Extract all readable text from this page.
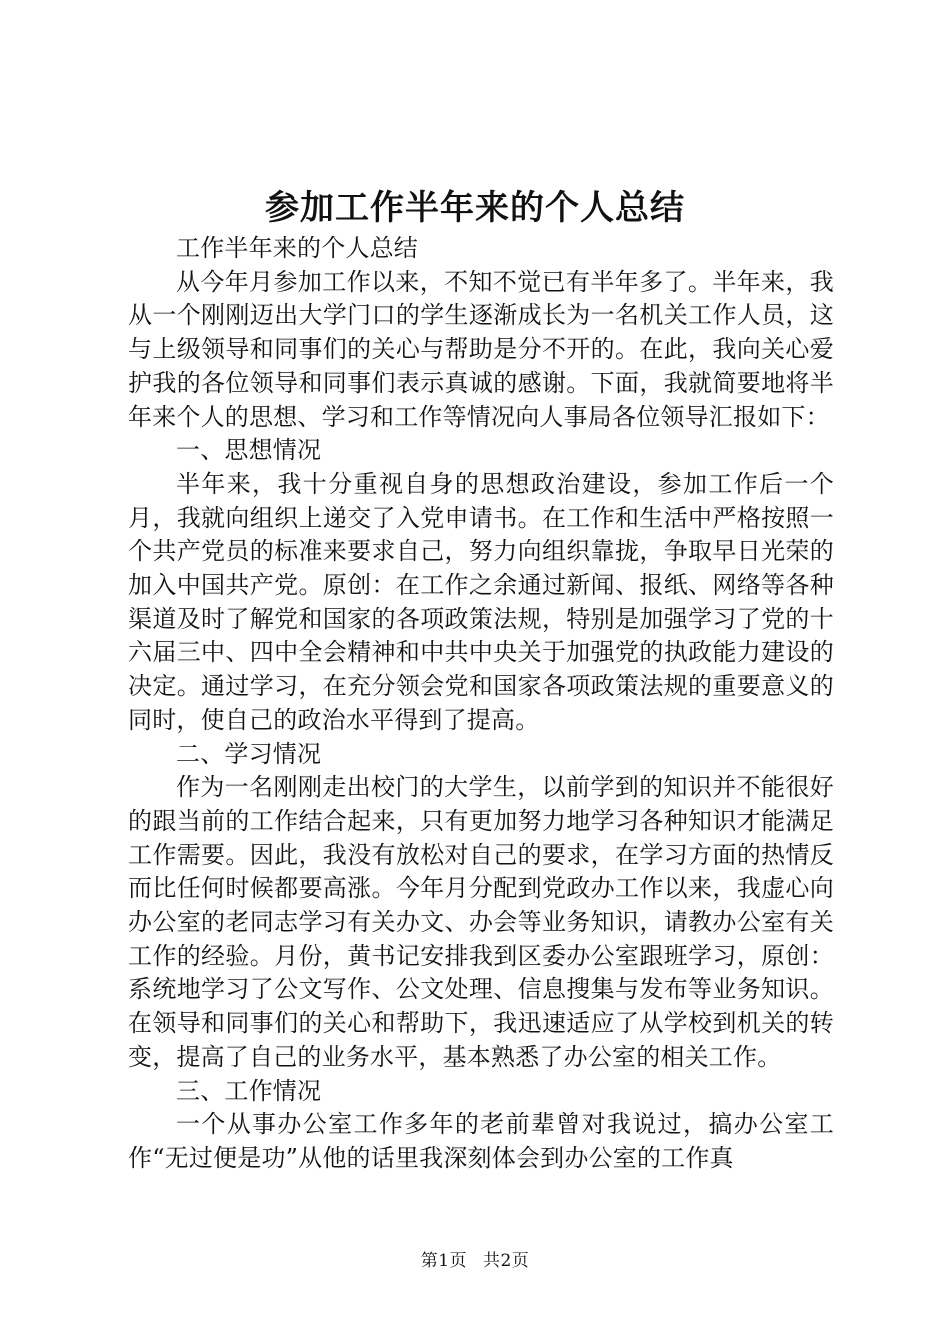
参加工作半年来的个人总结

工作半年来的个人总结

从今年月参加工作以来，不知不觉已有半年多了。半年来，我从一个刚刚迈出大学门口的学生逐渐成长为一名机关工作人员，这与上级领导和同事们的关心与帮助是分不开的。在此，我向关心爱护我的各位领导和同事们表示真诚的感谢。下面，我就简要地将半年来个人的思想、学习和工作等情况向人事局各位领导汇报如下：

一、思想情况

半年来，我十分重视自身的思想政治建设，参加工作后一个月，我就向组织上递交了入党申请书。在工作和生活中严格按照一个共产党员的标准来要求自己，努力向组织靠拢，争取早日光荣的加入中国共产党。原创：在工作之余通过新闻、报纸、网络等各种渠道及时了解党和国家的各项政策法规，特别是加强学习了党的十六届三中、四中全会精神和中共中央关于加强党的执政能力建设的决定。通过学习，在充分领会党和国家各项政策法规的重要意义的同时，使自己的政治水平得到了提高。

二、学习情况

作为一名刚刚走出校门的大学生，以前学到的知识并不能很好的跟当前的工作结合起来，只有更加努力地学习各种知识才能满足工作需要。因此，我没有放松对自己的要求，在学习方面的热情反而比任何时候都要高涨。今年月分配到党政办工作以来，我虚心向办公室的老同志学习有关办文、办会等业务知识，请教办公室有关工作的经验。月份，黄书记安排我到区委办公室跟班学习，原创：系统地学习了公文写作、公文处理、信息搜集与发布等业务知识。在领导和同事们的关心和帮助下，我迅速适应了从学校到机关的转变，提高了自己的业务水平，基本熟悉了办公室的相关工作。

三、工作情况

一个从事办公室工作多年的老前辈曾对我说过，搞办公室工作“无过便是功”从他的话里我深刻体会到办公室的工作真

第1页 共2页
